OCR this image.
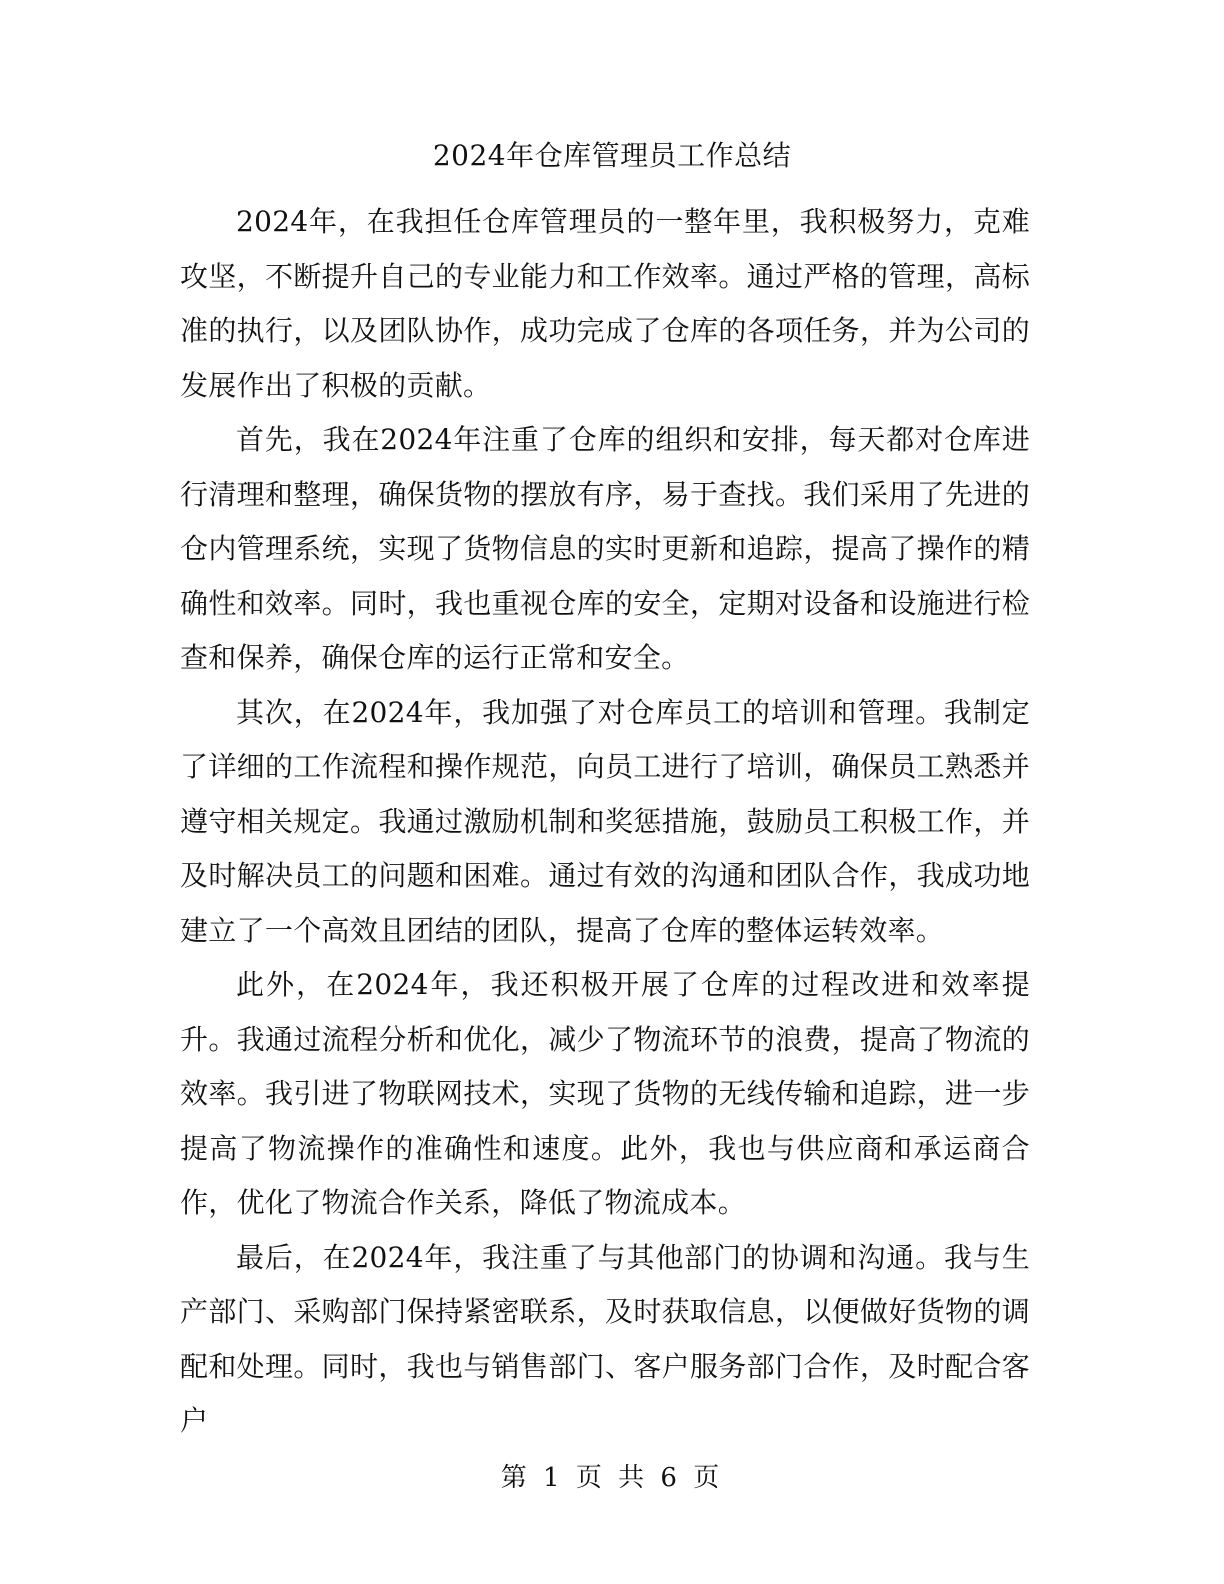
2024年仓库管理员工作总结

2024年，在我担任仓库管理员的一整年里，我积极努力，克难攻坚，不断提升自己的专业能力和工作效率。通过严格的管理，高标准的执行，以及团队协作，成功完成了仓库的各项任务，并为公司的发展作出了积极的贡献。

首先，我在2024年注重了仓库的组织和安排，每天都对仓库进行清理和整理，确保货物的摆放有序，易于查找。我们采用了先进的仓内管理系统，实现了货物信息的实时更新和追踪，提高了操作的精确性和效率。同时，我也重视仓库的安全，定期对设备和设施进行检查和保养，确保仓库的运行正常和安全。

其次，在2024年，我加强了对仓库员工的培训和管理。我制定了详细的工作流程和操作规范，向员工进行了培训，确保员工熟悉并遵守相关规定。我通过激励机制和奖惩措施，鼓励员工积极工作，并及时解决员工的问题和困难。通过有效的沟通和团队合作，我成功地建立了一个高效且团结的团队，提高了仓库的整体运转效率。

此外，在2024年，我还积极开展了仓库的过程改进和效率提升。我通过流程分析和优化，减少了物流环节的浪费，提高了物流的效率。我引进了物联网技术，实现了货物的无线传输和追踪，进一步提高了物流操作的准确性和速度。此外，我也与供应商和承运商合作，优化了物流合作关系，降低了物流成本。

最后，在2024年，我注重了与其他部门的协调和沟通。我与生产部门、采购部门保持紧密联系，及时获取信息，以便做好货物的调配和处理。同时，我也与销售部门、客户服务部门合作，及时配合客户

第 1 页 共 6 页
